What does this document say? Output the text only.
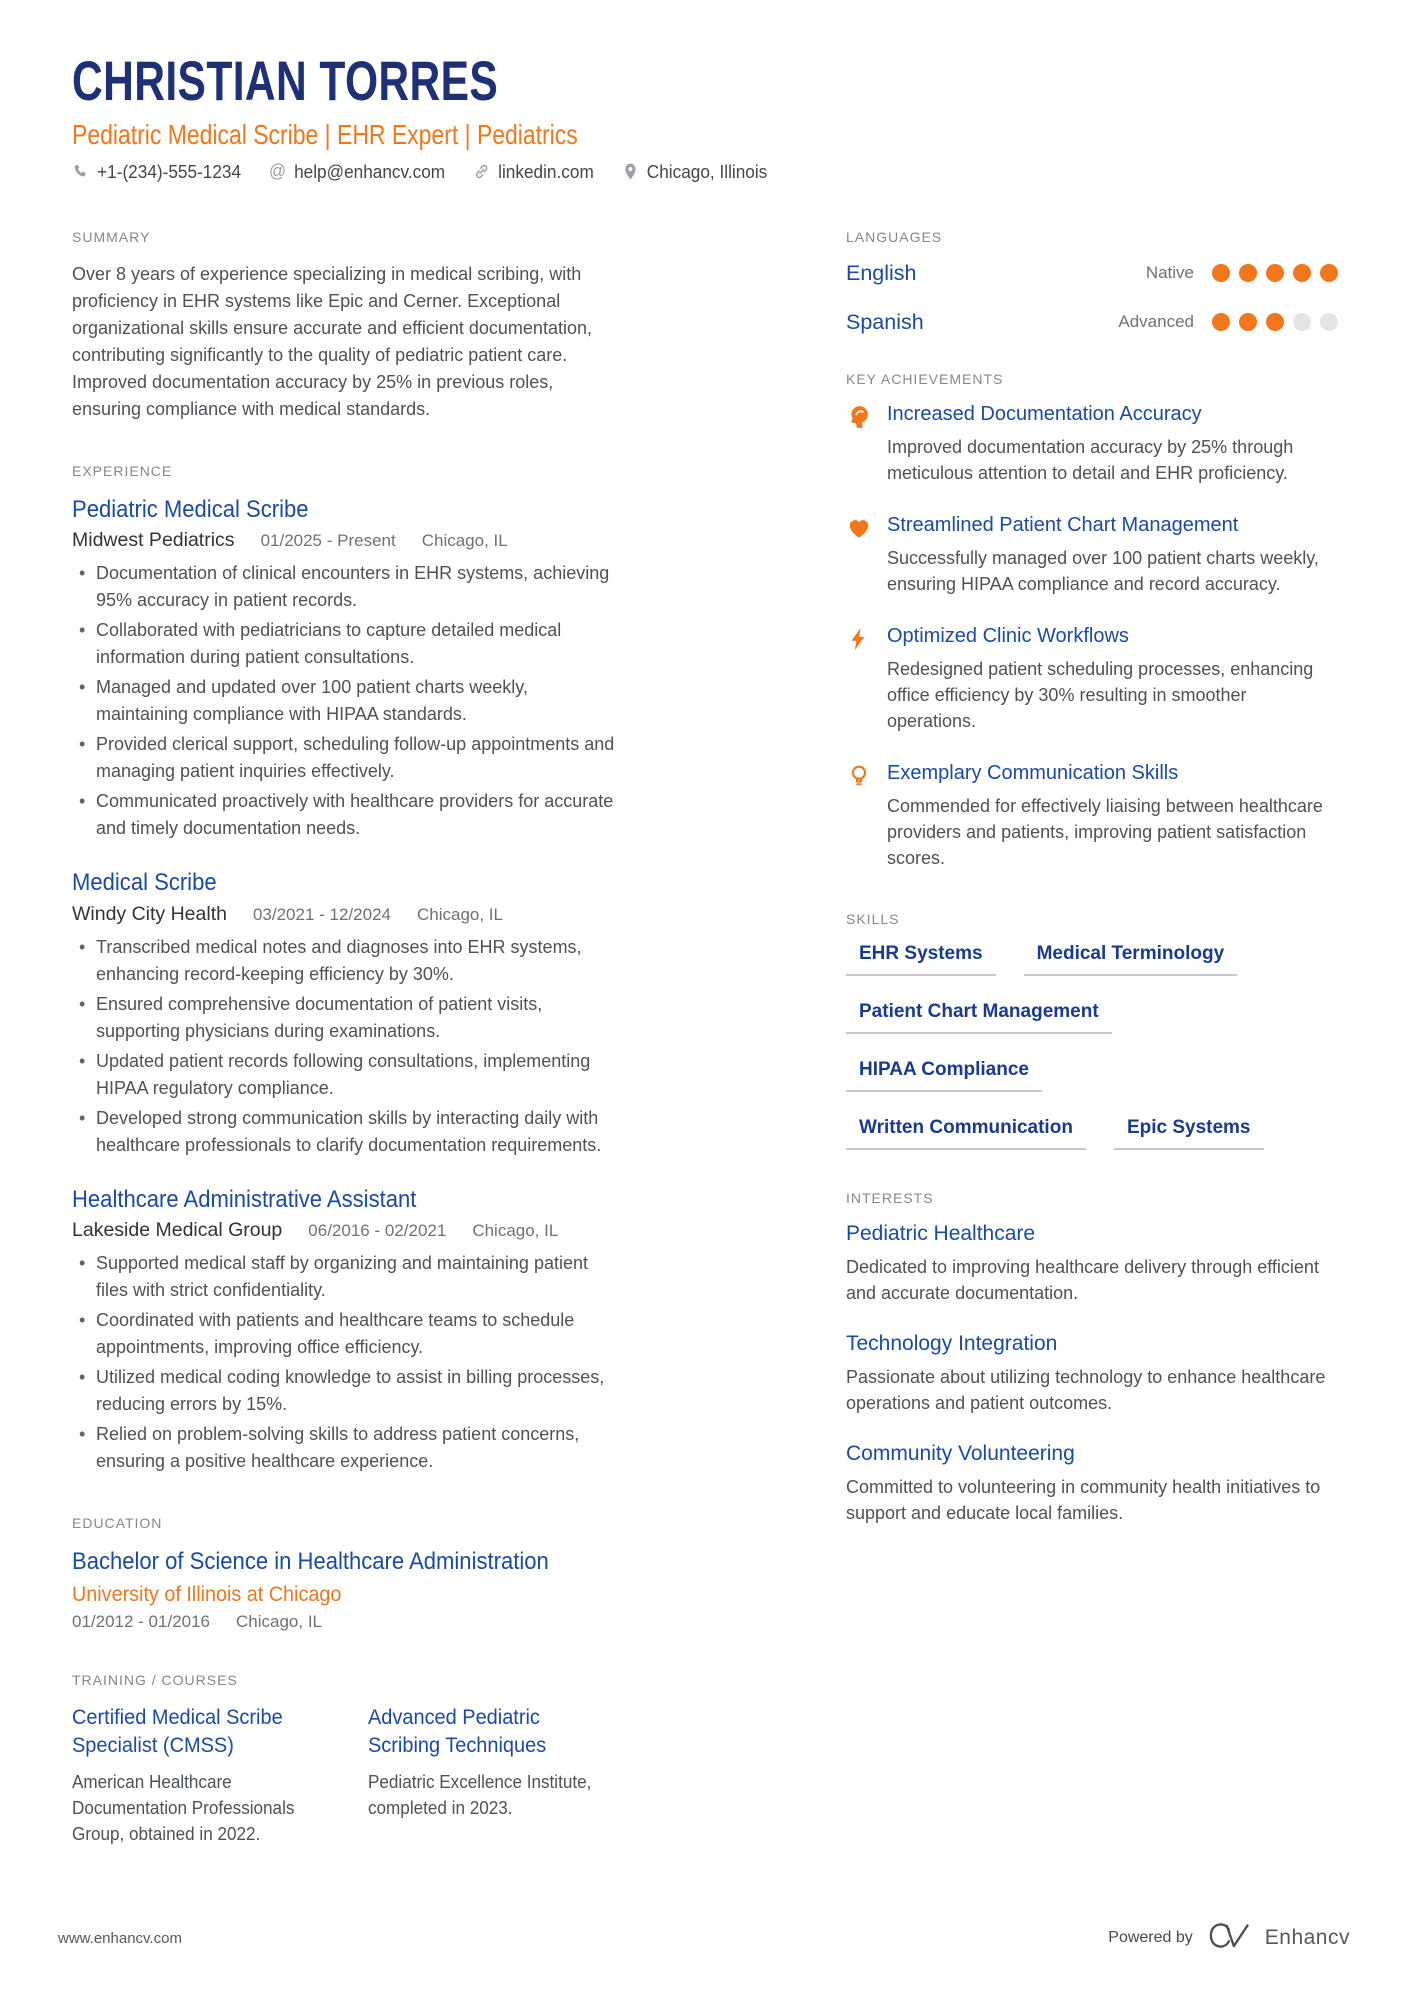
CHRISTIAN TORRES
Pediatric Medical Scribe | EHR Expert | Pediatrics
+1-(234)-555-1234 @ help@enhancv.com	linkedin.com	Chicago, Illinois
SUMMARY

Over 8 years of experience specializing in medical scribing, with proficiency in EHR systems like Epic and Cerner. Exceptional organizational skills ensure accurate and efficient documentation, contributing significantly to the quality of pediatric patient care. Improved documentation accuracy by 25% in previous roles, ensuring compliance with medical standards.

EXPERIENCE
Pediatric Medical Scribe
Midwest Pediatrics 01/2025 - Present Chicago, IL
• Documentation of clinical encounters in EHR systems, achieving 95% accuracy in patient records.
• Collaborated with pediatricians to capture detailed medical information during patient consultations.
• Managed and updated over 100 patient charts weekly, maintaining compliance with HIPAA standards.
• Provided clerical support, scheduling follow-up appointments and managing patient inquiries effectively.
• Communicated proactively with healthcare providers for accurate and timely documentation needs.
Medical Scribe
Windy City Health 03/2021 - 12/2024 Chicago, IL
• Transcribed medical notes and diagnoses into EHR systems, enhancing record-keeping efficiency by 30%.
• Ensured comprehensive documentation of patient visits, supporting physicians during examinations.
• Updated patient records following consultations, implementing HIPAA regulatory compliance.
• Developed strong communication skills by interacting daily with healthcare professionals to clarify documentation requirements.
Healthcare Administrative Assistant
Lakeside Medical Group 06/2016 - 02/2021 Chicago, IL
• Supported medical staff by organizing and maintaining patient files with strict confidentiality.
• Coordinated with patients and healthcare teams to schedule appointments, improving office efficiency.
• Utilized medical coding knowledge to assist in billing processes, reducing errors by 15%.
• Relied on problem-solving skills to address patient concerns, ensuring a positive healthcare experience.
EDUCATION
Bachelor of Science in Healthcare Administration
University of Illinois at Chicago
01/2012 - 01/2016 Chicago, IL
TRAINING / COURSES
Certified Medical Scribe Specialist (CMSS)
American Healthcare Documentation Professionals Group, obtained in 2022.
Advanced Pediatric Scribing Techniques
Pediatric Excellence Institute, completed in 2023.
LANGUAGES
English	Native
Spanish	Advanced
KEY ACHIEVEMENTS
Increased Documentation Accuracy
Improved documentation accuracy by 25% through meticulous attention to detail and EHR proficiency.
Streamlined Patient Chart Management
Successfully managed over 100 patient charts weekly, ensuring HIPAA compliance and record accuracy.
Optimized Clinic Workflows
Redesigned patient scheduling processes, enhancing office efficiency by 30% resulting in smoother operations.
Exemplary Communication Skills
Commended for effectively liaising between healthcare providers and patients, improving patient satisfaction scores.
SKILLS
EHR Systems	Medical Terminology
Patient Chart Management
HIPAA Compliance
Written Communication	Epic Systems
INTERESTS
Pediatric Healthcare
Dedicated to improving healthcare delivery through efficient and accurate documentation.
Technology Integration
Passionate about utilizing technology to enhance healthcare operations and patient outcomes.
Community Volunteering
Committed to volunteering in community health initiatives to support and educate local families.
www.enhancv.com	Powered by	Enhancv
